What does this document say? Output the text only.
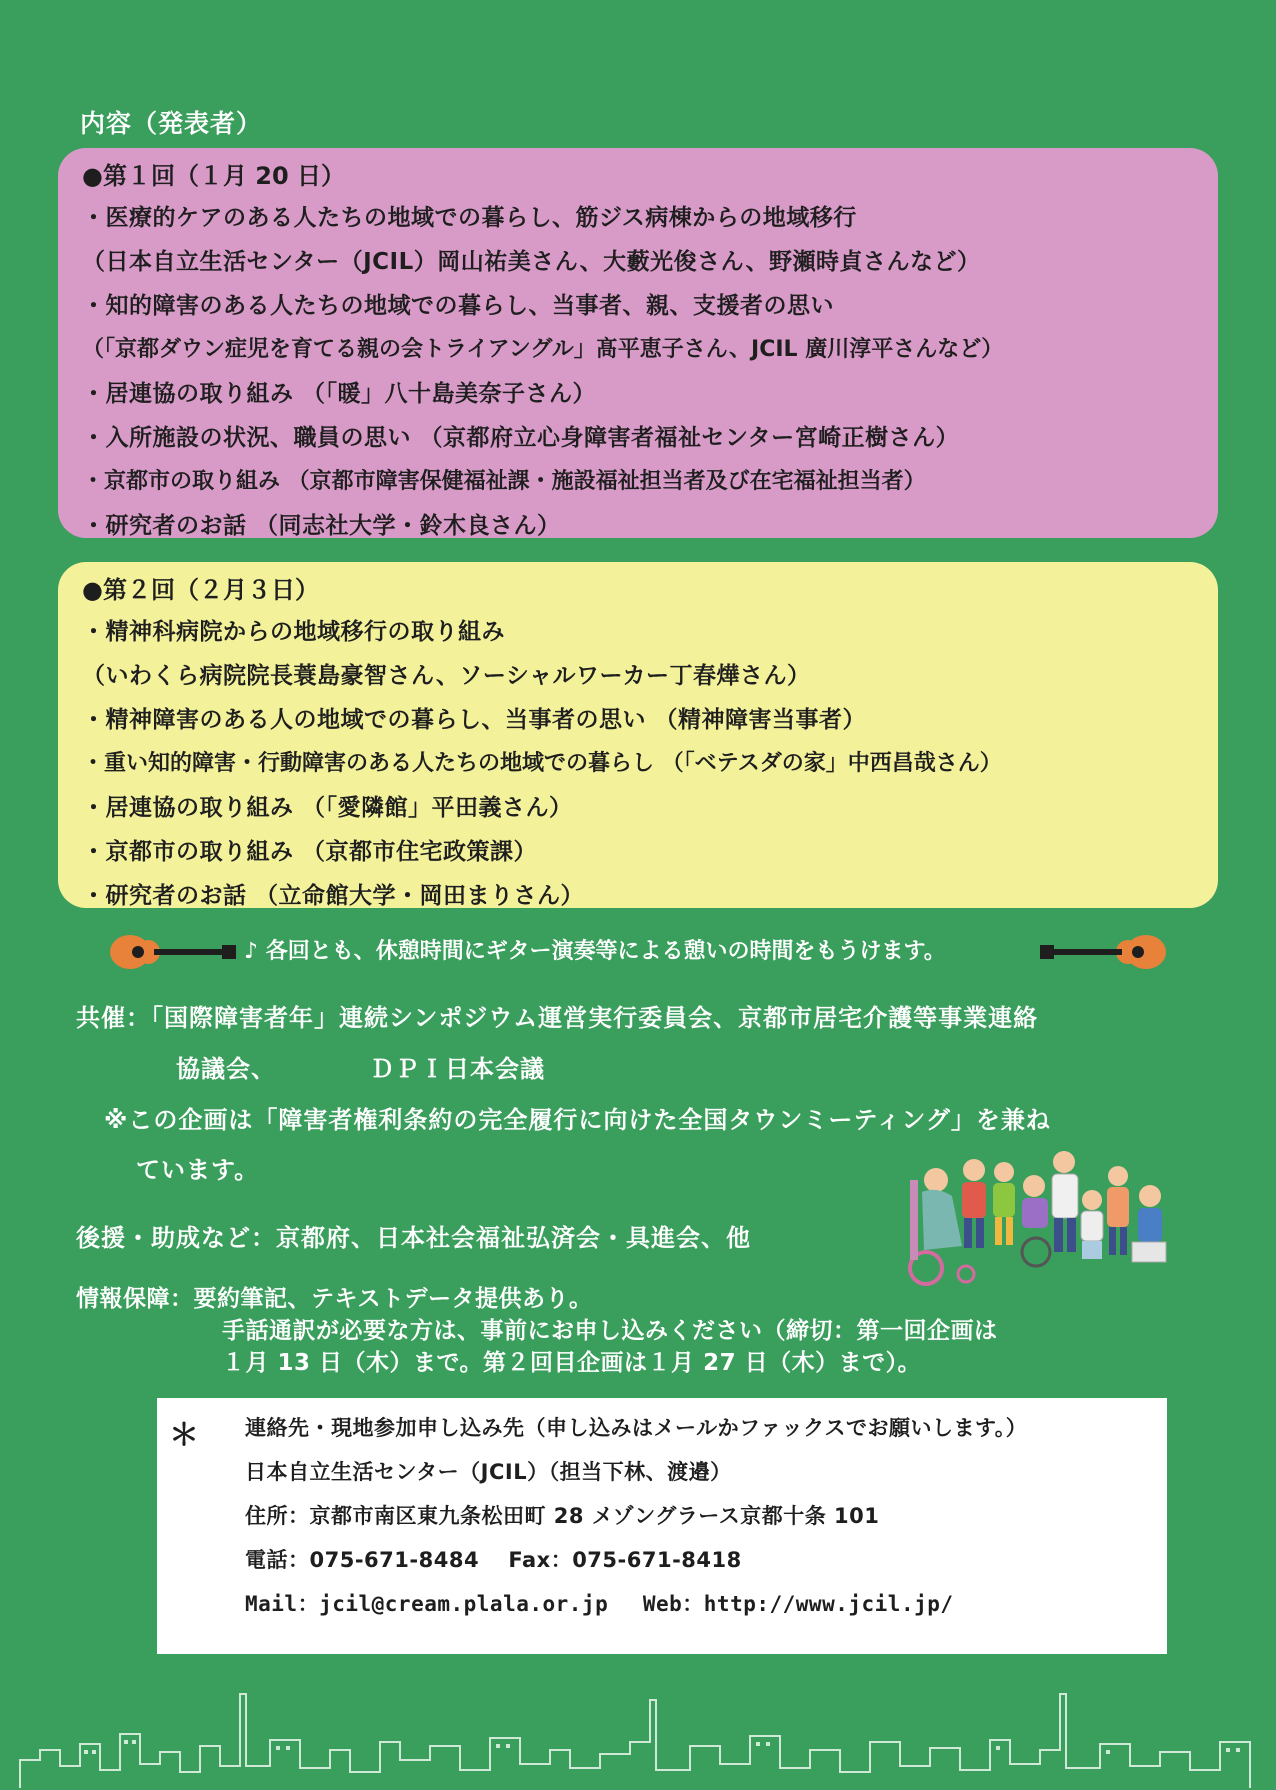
内容（発表者）
●第１回（１月 20 日）
・医療的ケアのある人たちの地域での暮らし、筋ジス病棟からの地域移行
（日本自立生活センター（JCIL）岡山祐美さん、大藪光俊さん、野瀬時貞さんなど）
・知的障害のある人たちの地域での暮らし、当事者、親、支援者の思い
（「京都ダウン症児を育てる親の会トライアングル」髙平恵子さん、JCIL 廣川淳平さんなど）
・居連協の取り組み （「暖」八十島美奈子さん）
・入所施設の状況、職員の思い （京都府立心身障害者福祉センター宮崎正樹さん）
・京都市の取り組み （京都市障害保健福祉課・施設福祉担当者及び在宅福祉担当者）
・研究者のお話 （同志社大学・鈴木良さん）
●第２回（２月３日）
・精神科病院からの地域移行の取り組み
（いわくら病院院長蓑島豪智さん、ソーシャルワーカー丁春燁さん）
・精神障害のある人の地域での暮らし、当事者の思い （精神障害当事者）
・重い知的障害・行動障害のある人たちの地域での暮らし （「ベテスダの家」中西昌哉さん）
・居連協の取り組み （「愛隣館」平田義さん）
・京都市の取り組み （京都市住宅政策課）
・研究者のお話 （立命館大学・岡田まりさん）
♪ 各回とも、休憩時間にギター演奏等による憩いの時間をもうけます。
共催：「国際障害者年」連続シンポジウム運営実行委員会、京都市居宅介護等事業連絡
協議会、	ＤＰＩ日本会議
※この企画は「障害者権利条約の完全履行に向けた全国タウンミーティング」を兼ね
ています。
後援・助成など：京都府、日本社会福祉弘済会・具進会、他
情報保障：要約筆記、テキストデータ提供あり。
手話通訳が必要な方は、事前にお申し込みください（締切：第一回企画は
１月 13 日（木）まで。第２回目企画は１月 27 日（木）まで）。
＊ 連絡先・現地参加申し込み先（申し込みはメールかファックスでお願いします。）
日本自立生活センター（JCIL）（担当下林、渡邉）
住所：京都市南区東九条松田町 28 メゾングラース京都十条 101
電話：075-671-8484　 Fax：075-671-8418
Mail：jcil@cream.plala.or.jp　 Web：http://www.jcil.jp/
